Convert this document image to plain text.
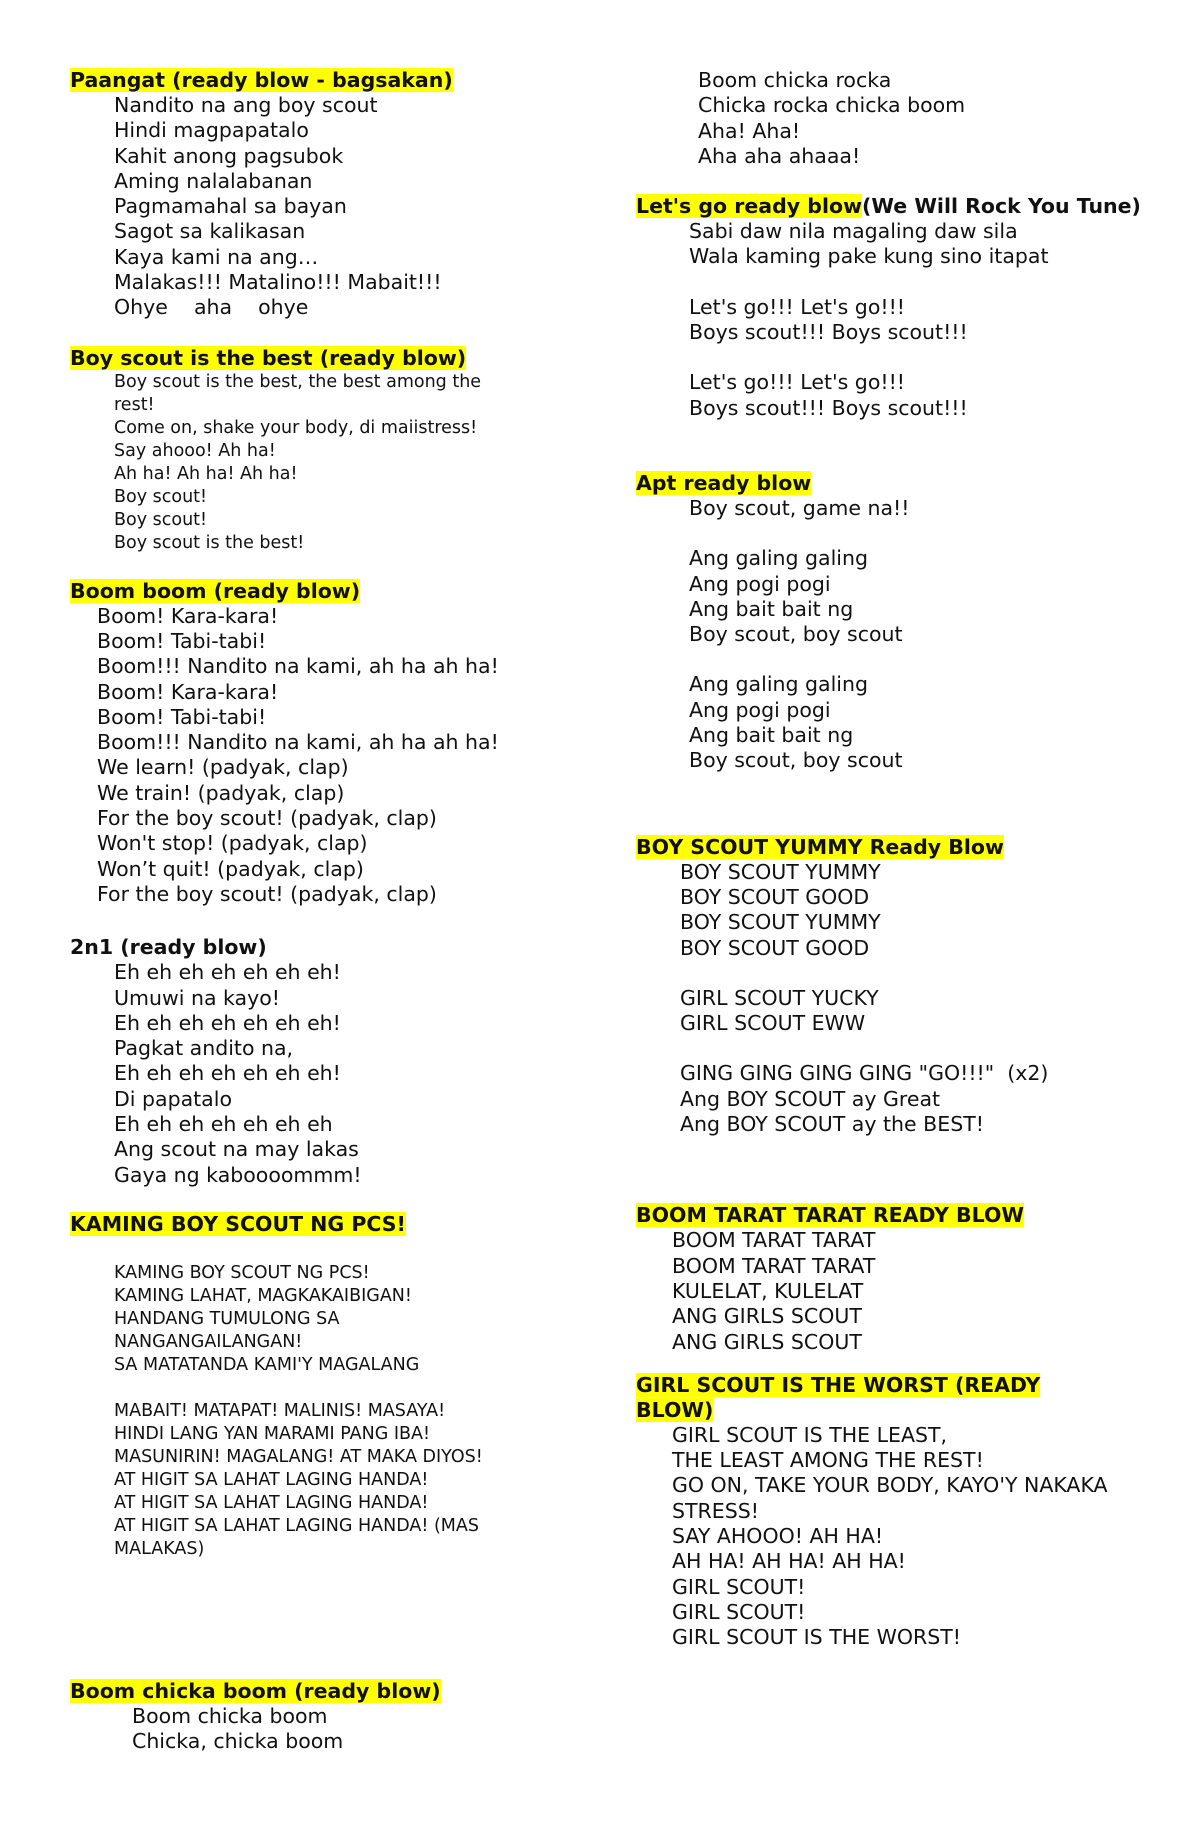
Paangat (ready blow - bagsakan)
Nandito na ang boy scout
Hindi magpapatalo
Kahit anong pagsubok
Aming nalalabanan
Pagmamahal sa bayan
Sagot sa kalikasan
Kaya kami na ang…
Malakas!!! Matalino!!! Mabait!!!
Ohye    aha    ohye
Boy scout is the best (ready blow)
Boy scout is the best, the best among the
rest!
Come on, shake your body, di maiistress!
Say ahooo! Ah ha!
Ah ha! Ah ha! Ah ha!
Boy scout!
Boy scout!
Boy scout is the best!
Boom boom (ready blow)
Boom! Kara-kara!
Boom! Tabi-tabi!
Boom!!! Nandito na kami, ah ha ah ha!
Boom! Kara-kara!
Boom! Tabi-tabi!
Boom!!! Nandito na kami, ah ha ah ha!
We learn! (padyak, clap)
We train! (padyak, clap)
For the boy scout! (padyak, clap)
Won't stop! (padyak, clap)
Won’t quit! (padyak, clap)
For the boy scout! (padyak, clap)
2n1 (ready blow)
Eh eh eh eh eh eh eh!
Umuwi na kayo!
Eh eh eh eh eh eh eh!
Pagkat andito na,
Eh eh eh eh eh eh eh!
Di papatalo
Eh eh eh eh eh eh eh
Ang scout na may lakas
Gaya ng kaboooommm!
KAMING BOY SCOUT NG PCS!
KAMING BOY SCOUT NG PCS!
KAMING LAHAT, MAGKAKAIBIGAN!
HANDANG TUMULONG SA
NANGANGAILANGAN!
SA MATATANDA KAMI'Y MAGALANG
MABAIT! MATAPAT! MALINIS! MASAYA!
HINDI LANG YAN MARAMI PANG IBA!
MASUNIRIN! MAGALANG! AT MAKA DIYOS!
AT HIGIT SA LAHAT LAGING HANDA!
AT HIGIT SA LAHAT LAGING HANDA!
AT HIGIT SA LAHAT LAGING HANDA! (MAS
MALAKAS)
Boom chicka boom (ready blow)
Boom chicka boom
Chicka, chicka boom
Boom chicka rocka
Chicka rocka chicka boom
Aha! Aha!
Aha aha ahaaa!
Let's go ready blow(We Will Rock You Tune)
Sabi daw nila magaling daw sila
Wala kaming pake kung sino itapat
Let's go!!! Let's go!!!
Boys scout!!! Boys scout!!!
Let's go!!! Let's go!!!
Boys scout!!! Boys scout!!!
Apt ready blow
Boy scout, game na!!
Ang galing galing
Ang pogi pogi
Ang bait bait ng
Boy scout, boy scout
Ang galing galing
Ang pogi pogi
Ang bait bait ng
Boy scout, boy scout
BOY SCOUT YUMMY Ready Blow
BOY SCOUT YUMMY
BOY SCOUT GOOD
BOY SCOUT YUMMY
BOY SCOUT GOOD
GIRL SCOUT YUCKY
GIRL SCOUT EWW
GING GING GING GING "GO!!!"  (x2)
Ang BOY SCOUT ay Great
Ang BOY SCOUT ay the BEST!
BOOM TARAT TARAT READY BLOW
BOOM TARAT TARAT
BOOM TARAT TARAT
KULELAT, KULELAT
ANG GIRLS SCOUT
ANG GIRLS SCOUT
GIRL SCOUT IS THE WORST (READY
BLOW)
GIRL SCOUT IS THE LEAST,
THE LEAST AMONG THE REST!
GO ON, TAKE YOUR BODY, KAYO'Y NAKAKA
STRESS!
SAY AHOOO! AH HA!
AH HA! AH HA! AH HA!
GIRL SCOUT!
GIRL SCOUT!
GIRL SCOUT IS THE WORST!
